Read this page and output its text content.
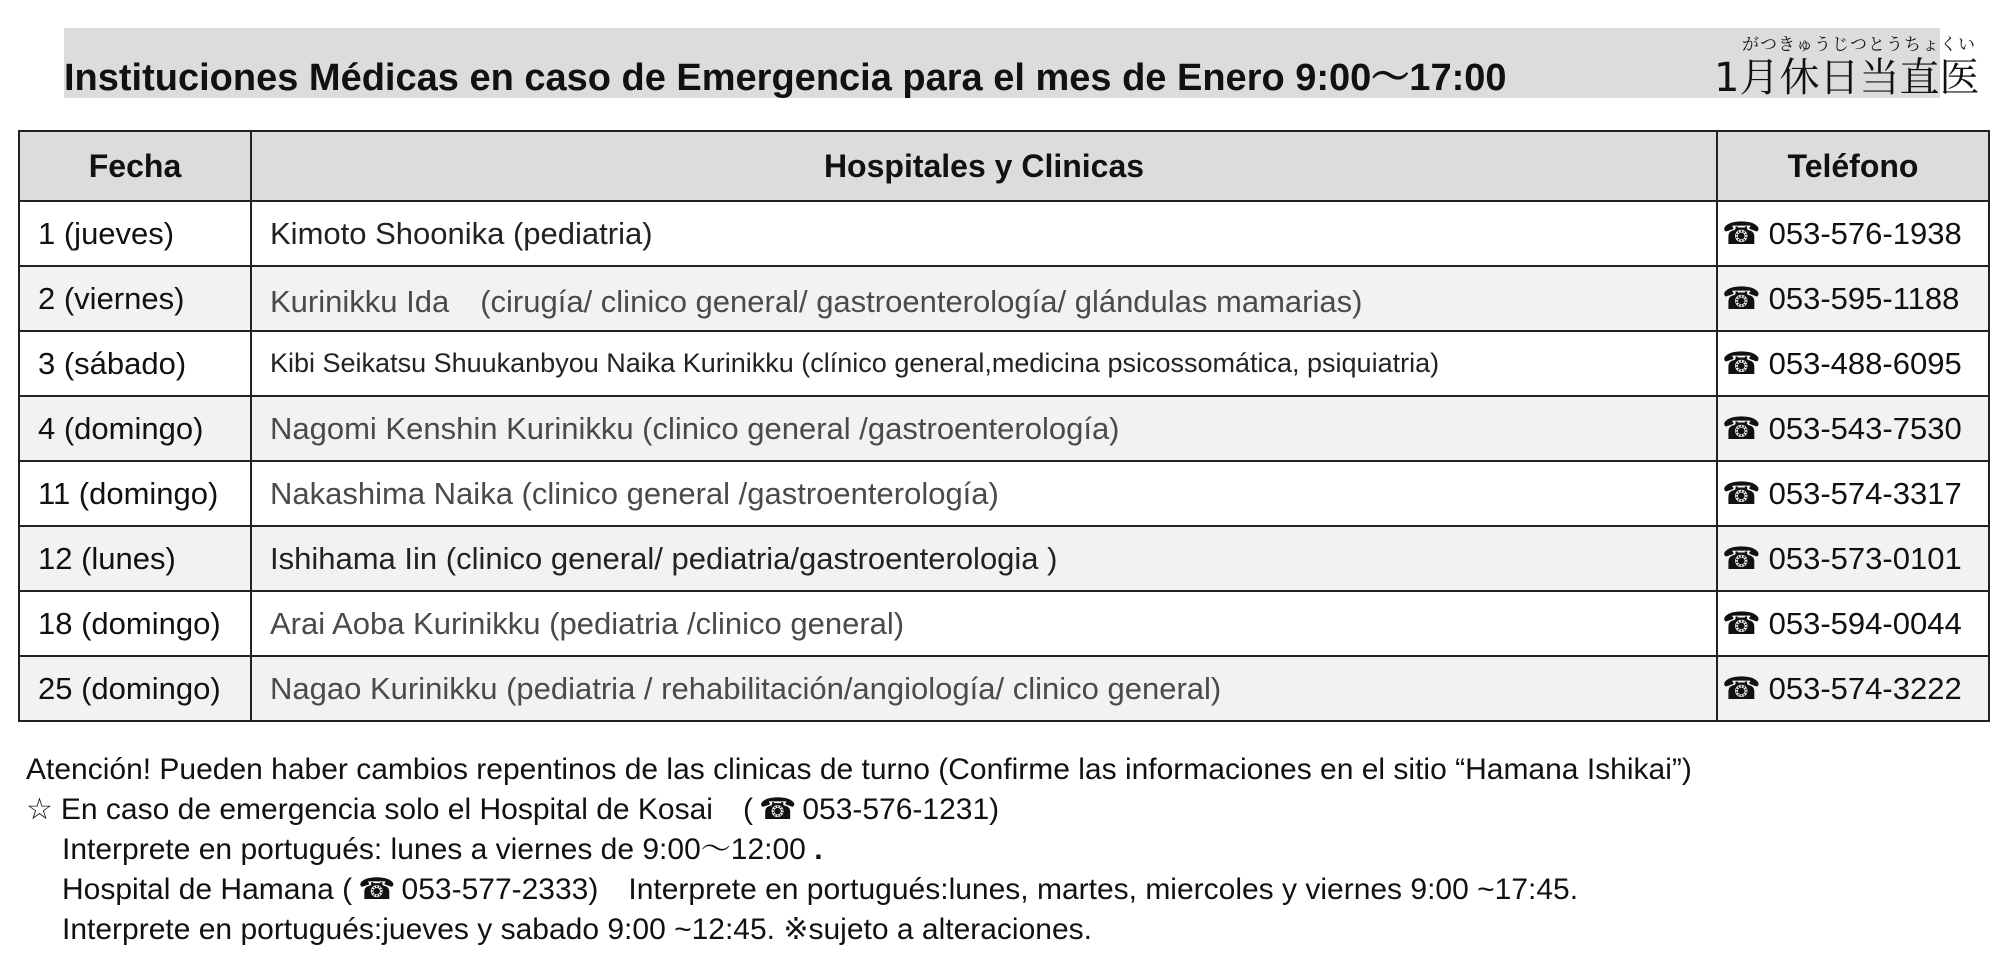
Instituciones Médicas en caso de Emergencia para el mes de Enero 9:00〜17:00
がつきゅうじつとうちょくい
1月休日当直医
Fecha	Hospitales y Clinicas	Teléfono
1 (jueves)	Kimoto Shoonika (pediatria)	☎ 053-576-1938
2 (viernes)	Kurinikku Ida　(cirugía/ clinico general/ gastroenterología/ glándulas mamarias)	☎ 053-595-1188
3 (sábado)	Kibi Seikatsu Shuukanbyou Naika Kurinikku (clínico general,medicina psicossomática, psiquiatria)	☎ 053-488-6095
4 (domingo)	Nagomi Kenshin Kurinikku (clinico general /gastroenterología)	☎ 053-543-7530
11 (domingo)	Nakashima Naika (clinico general /gastroenterología)	☎ 053-574-3317
12 (lunes)	Ishihama Iin (clinico general/ pediatria/gastroenterologia )	☎ 053-573-0101
18 (domingo)	Arai Aoba Kurinikku (pediatria /clinico general)	☎ 053-594-0044
25 (domingo)	Nagao Kurinikku (pediatria / rehabilitación/angiología/ clinico general)	☎ 053-574-3222
Atención! Pueden haber cambios repentinos de las clinicas de turno (Confirme las informaciones en el sitio “Hamana Ishikai”)
☆ En caso de emergencia solo el Hospital de Kosai　( ☎ 053-576-1231)
Interprete en portugués: lunes a viernes de 9:00〜12:00 .
Hospital de Hamana ( ☎ 053-577-2333)　Interprete en portugués:lunes, martes, miercoles y viernes 9:00 ~17:45.
Interprete en portugués:jueves y sabado 9:00 ~12:45. ※sujeto a alteraciones.
